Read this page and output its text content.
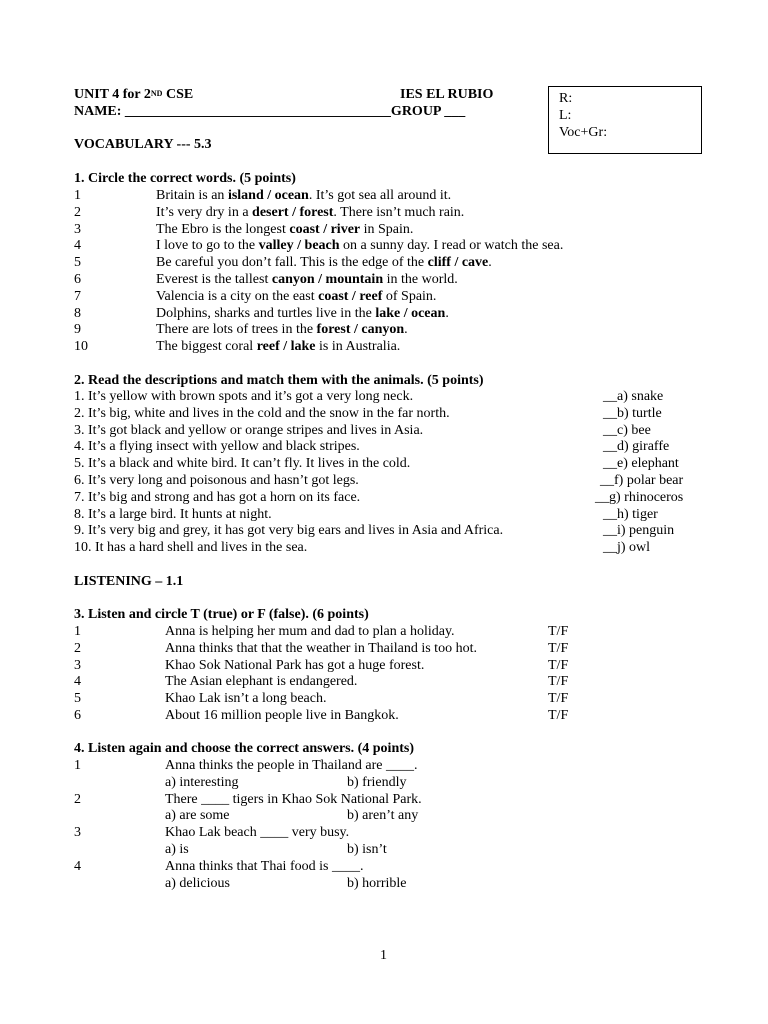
UNIT 4 for 2ND CSE	IES EL RUBIO
NAME: ______________________________________GROUP ___
R:
L:
Voc+Gr:
VOCABULARY --- 5.3
1. Circle the correct words. (5 points)
1	Britain is an island / ocean. It’s got sea all around it.
2	It’s very dry in a desert / forest. There isn’t much rain.
3	The Ebro is the longest coast / river in Spain.
4	I love to go to the valley / beach on a sunny day. I read or watch the sea.
5	Be careful you don’t fall. This is the edge of the cliff / cave.
6	Everest is the tallest canyon / mountain in the world.
7	Valencia is a city on the east coast / reef of Spain.
8	Dolphins, sharks and turtles live in the lake / ocean.
9	There are lots of trees in the forest / canyon.
10	The biggest coral reef / lake is in Australia.
2. Read the descriptions and match them with the animals. (5 points)
1. It’s yellow with brown spots and it’s got a very long neck.	__a) snake
2. It’s big, white and lives in the cold and the snow in the far north.	__b) turtle
3. It’s got black and yellow or orange stripes and lives in Asia.	__c) bee
4. It’s a flying insect with yellow and black stripes.	__d) giraffe
5. It’s a black and white bird. It can’t fly. It lives in the cold.	__e) elephant
6. It’s very long and poisonous and hasn’t got legs.	__f) polar bear
7. It’s big and strong and has got a horn on its face.	__g) rhinoceros
8. It’s a large bird. It hunts at night.	__h) tiger
9. It’s very big and grey, it has got very big ears and lives in Asia and Africa.	__i) penguin
10. It has a hard shell and lives in the sea.	__j) owl
LISTENING – 1.1
3. Listen and circle T (true) or F (false). (6 points)
1	Anna is helping her mum and dad to plan a holiday.	T/F
2	Anna thinks that that the weather in Thailand is too hot.	T/F
3	Khao Sok National Park has got a huge forest.	T/F
4	The Asian elephant is endangered.	T/F
5	Khao Lak isn’t a long beach.	T/F
6	About 16 million people live in Bangkok.	T/F
4. Listen again and choose the correct answers. (4 points)
1	Anna thinks the people in Thailand are ____.
a) interesting	b) friendly
2	There ____ tigers in Khao Sok National Park.
a) are some	b) aren’t any
3	Khao Lak beach ____ very busy.
a) is	b) isn’t
4	Anna thinks that Thai food is ____.
a) delicious	b) horrible
1
